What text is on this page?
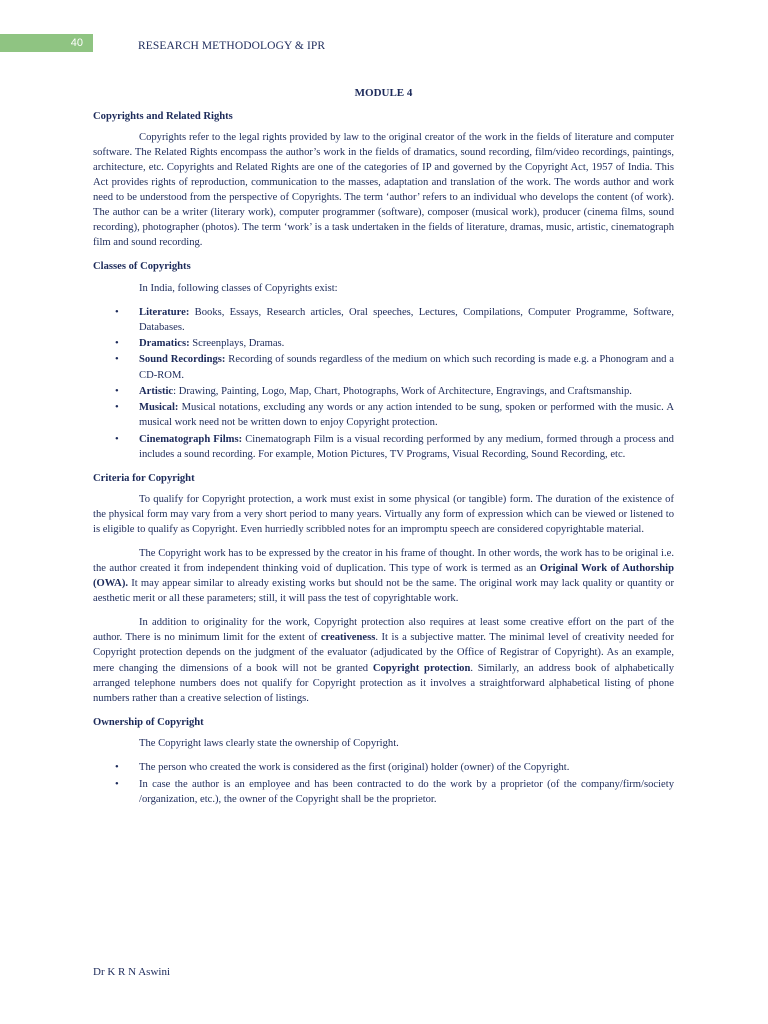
40	RESEARCH METHODOLOGY & IPR
MODULE 4
Copyrights and Related Rights

Copyrights refer to the legal rights provided by law to the original creator of the work in the fields of literature and computer software. The Related Rights encompass the author’s work in the fields of dramatics, sound recording, film/video recordings, paintings, architecture, etc. Copyrights and Related Rights are one of the categories of IP and governed by the Copyright Act, 1957 of India. This Act provides rights of reproduction, communication to the masses, adaptation and translation of the work. The words author and work need to be understood from the perspective of Copyrights. The term ‘author’ refers to an individual who develops the content (of work). The author can be a writer (literary work), computer programmer (software), composer (musical work), producer (cinema films, sound recording), photographer (photos). The term ‘work’ is a task undertaken in the fields of literature, dramas, music, artistic, cinematograph film and sound recording.

Classes of Copyrights

In India, following classes of Copyrights exist:

• Literature: Books, Essays, Research articles, Oral speeches, Lectures, Compilations, Computer Programme, Software, Databases.
• Dramatics: Screenplays, Dramas.
• Sound Recordings: Recording of sounds regardless of the medium on which such recording is made e.g. a Phonogram and a CD-ROM.
• Artistic: Drawing, Painting, Logo, Map, Chart, Photographs, Work of Architecture, Engravings, and Craftsmanship.
• Musical: Musical notations, excluding any words or any action intended to be sung, spoken or performed with the music. A musical work need not be written down to enjoy Copyright protection.
• Cinematograph Films: Cinematograph Film is a visual recording performed by any medium, formed through a process and includes a sound recording. For example, Motion Pictures, TV Programs, Visual Recording, Sound Recording, etc.
Criteria for Copyright

To qualify for Copyright protection, a work must exist in some physical (or tangible) form. The duration of the existence of the physical form may vary from a very short period to many years. Virtually any form of expression which can be viewed or listened to is eligible to qualify as Copyright. Even hurriedly scribbled notes for an impromptu speech are considered copyrightable material.

The Copyright work has to be expressed by the creator in his frame of thought. In other words, the work has to be original i.e. the author created it from independent thinking void of duplication. This type of work is termed as an Original Work of Authorship (OWA). It may appear similar to already existing works but should not be the same. The original work may lack quality or quantity or aesthetic merit or all these parameters; still, it will pass the test of copyrightable work.

In addition to originality for the work, Copyright protection also requires at least some creative effort on the part of the author. There is no minimum limit for the extent of creativeness. It is a subjective matter. The minimal level of creativity needed for Copyright protection depends on the judgment of the evaluator (adjudicated by the Office of Registrar of Copyright). As an example, mere changing the dimensions of a book will not be granted Copyright protection. Similarly, an address book of alphabetically arranged telephone numbers does not qualify for Copyright protection as it involves a straightforward alphabetical listing of phone numbers rather than a creative selection of listings.

Ownership of Copyright

The Copyright laws clearly state the ownership of Copyright.

• The person who created the work is considered as the first (original) holder (owner) of the Copyright.
• In case the author is an employee and has been contracted to do the work by a proprietor (of the company/firm/society /organization, etc.), the owner of the Copyright shall be the proprietor.
Dr K R N Aswini
